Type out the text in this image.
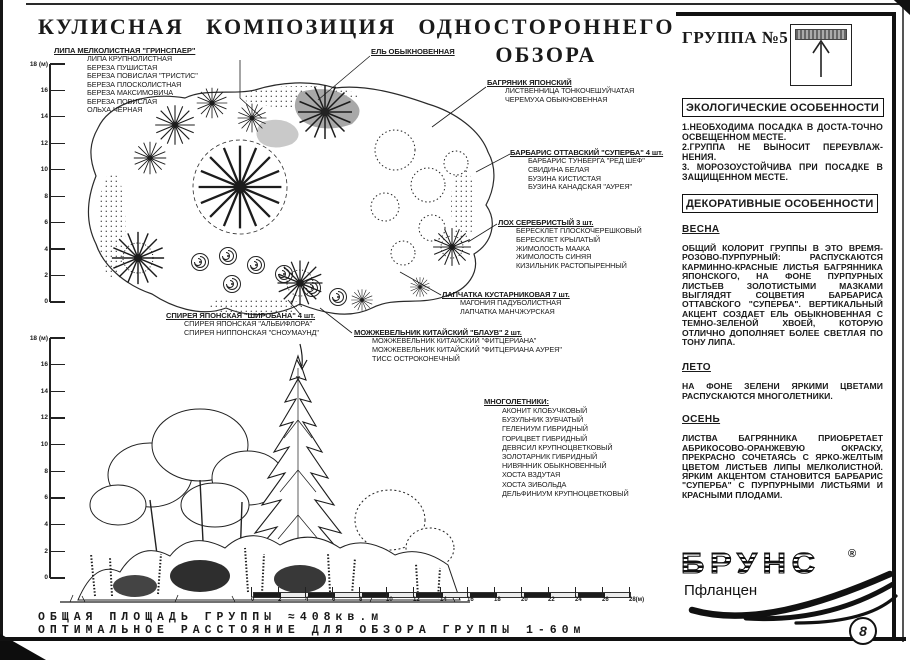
КУЛИСНАЯ КОМПОЗИЦИЯ ОДНОСТОРОННЕГО
ОБЗОРА
ЛИПА МЕЛКОЛИСТНАЯ "ГРИНСПАЕР"
ЛИПА КРУПНОЛИСТНАЯ
БЕРЕЗА ПУШИСТАЯ
БЕРЕЗА ПОВИСЛАЯ "ТРИСТИС"
БЕРЕЗА ПЛОСКОЛИСТНАЯ
БЕРЕЗА МАКСИМОВИЧА
БЕРЕЗА ПОВИСЛАЯ
ОЛЬХА ЧЕРНАЯ
ЕЛЬ ОБЫКНОВЕННАЯ
БАГРЯНИК ЯПОНСКИЙ
ЛИСТВЕННИЦА ТОНКОЧЕШУЙЧАТАЯ
ЧЕРЕМУХА ОБЫКНОВЕННАЯ
БАРБАРИС ОТТАВСКИЙ "СУПЕРБА" 4 шт.
БАРБАРИС ТУНБЕРГА "РЕД ШЕФ"
СВИДИНА БЕЛАЯ
БУЗИНА КИСТИСТАЯ
БУЗИНА КАНАДСКАЯ "АУРЕЯ"
ЛОХ СЕРЕБРИСТЫЙ 3 шт.
БЕРЕСКЛЕТ ПЛОСКОЧЕРЕШКОВЫЙ
БЕРЕСКЛЕТ КРЫЛАТЫЙ
ЖИМОЛОСТЬ МААКА
ЖИМОЛОСТЬ СИНЯЯ
КИЗИЛЬНИК РАСТОПЫРЕННЫЙ
ЛАПЧАТКА КУСТАРНИКОВАЯ 7 шт.
МАГОНИЯ ПАДУБОЛИСТНАЯ
ЛАПЧАТКА МАНЧЖУРСКАЯ
СПИРЕЯ ЯПОНСКАЯ "ШИРОБАНА" 4 шт.
СПИРЕЯ ЯПОНСКАЯ "АЛЬБИФЛОРА"
СПИРЕЯ НИППОНСКАЯ "СНОУМАУНД"	МОЖЖЕВЕЛЬНИК КИТАЙСКИЙ "БЛАУВ" 2 шт.
МОЖЖЕВЕЛЬНИК КИТАЙСКИЙ "ФИТЦЕРИАНА"
МОЖЖЕВЕЛЬНИК КИТАЙСКИЙ "ФИТЦЕРИАНА АУРЕЯ"
ТИСС ОСТРОКОНЕЧНЫЙ
МНОГОЛЕТНИКИ:
АКОНИТ КЛОБУЧКОВЫЙ
БУЗУЛЬНИК ЗУБЧАТЫЙ
ГЕЛЕНИУМ ГИБРИДНЫЙ
ГОРИЦВЕТ ГИБРИДНЫЙ
ДЕВЯСИЛ КРУПНОЦВЕТКОВЫЙ
ЗОЛОТАРНИК ГИБРИДНЫЙ
НИВЯННИК ОБЫКНОВЕННЫЙ
ХОСТА ВЗДУТАЯ
ХОСТА ЗИБОЛЬДА
ДЕЛЬФИНИУМ КРУПНОЦВЕТКОВЫЙ
18 (м)
16
14
12
10
8
6
4
2
0
18 (м)
16
14
12
10
8
6
4
2
0
0	2	4	6	8	10	12	14	16	18	20	22	24	26	28(м)
ОБЩАЯ ПЛОЩАДЬ ГРУППЫ ≈408кв.м
ОПТИМАЛЬНОЕ РАССТОЯНИЕ ДЛЯ ОБЗОРА ГРУППЫ 1-60м
ГРУППА №5
ЭКОЛОГИЧЕСКИЕ ОСОБЕННОСТИ
1.НЕОБХОДИМА ПОСАДКА В ДОСТА-ТОЧНО ОСВЕЩЕННОМ МЕСТЕ.
2.ГРУППА НЕ ВЫНОСИТ ПЕРЕУВЛАЖ-НЕНИЯ.
3. МОРОЗОУСТОЙЧИВА ПРИ ПОСАДКЕ В ЗАЩИЩЕННОМ МЕСТЕ.
ДЕКОРАТИВНЫЕ ОСОБЕННОСТИ
ВЕСНА
ОБЩИЙ КОЛОРИТ ГРУППЫ В ЭТО ВРЕМЯ-РОЗОВО-ПУРПУРНЫЙ: РАСПУСКАЮТСЯ КАРМИННО-КРАСНЫЕ ЛИСТЬЯ БАГРЯННИКА ЯПОНСКОГО, НА ФОНЕ ПУРПУРНЫХ ЛИСТЬЕВ ЗОЛОТИСТЫМИ МАЗКАМИ ВЫГЛЯДЯТ СОЦВЕТИЯ БАРБАРИСА ОТТАВСКОГО "СУПЕРБА". ВЕРТИКАЛЬНЫЙ АКЦЕНТ СОЗДАЕТ ЕЛЬ ОБЫКНОВЕННАЯ С ТЕМНО-ЗЕЛЕНОЙ ХВОЕЙ, КОТОРУЮ ОТЛИЧНО ДОПОЛНЯЕТ БОЛЕЕ СВЕТЛАЯ ПО ТОНУ ЛИПА.
ЛЕТО
НА ФОНЕ ЗЕЛЕНИ ЯРКИМИ ЦВЕТАМИ РАСПУСКАЮТСЯ МНОГОЛЕТНИКИ.
ОСЕНЬ
ЛИСТВА БАГРЯННИКА ПРИОБРЕТАЕТ АБРИКОСОВО-ОРАНЖЕВУЮ ОКРАСКУ, ПРЕКРАСНО СОЧЕТАЯСЬ С ЯРКО-ЖЕЛТЫМ ЦВЕТОМ ЛИСТЬЕВ ЛИПЫ МЕЛКОЛИСТНОЙ. ЯРКИМ АКЦЕНТОМ СТАНОВИТСЯ БАРБАРИС "СУПЕРБА" С ПУРПУРНЫМИ ЛИСТЬЯМИ И КРАСНЫМИ ПЛОДАМИ.
БРУНС ®
Пфланцен
8
